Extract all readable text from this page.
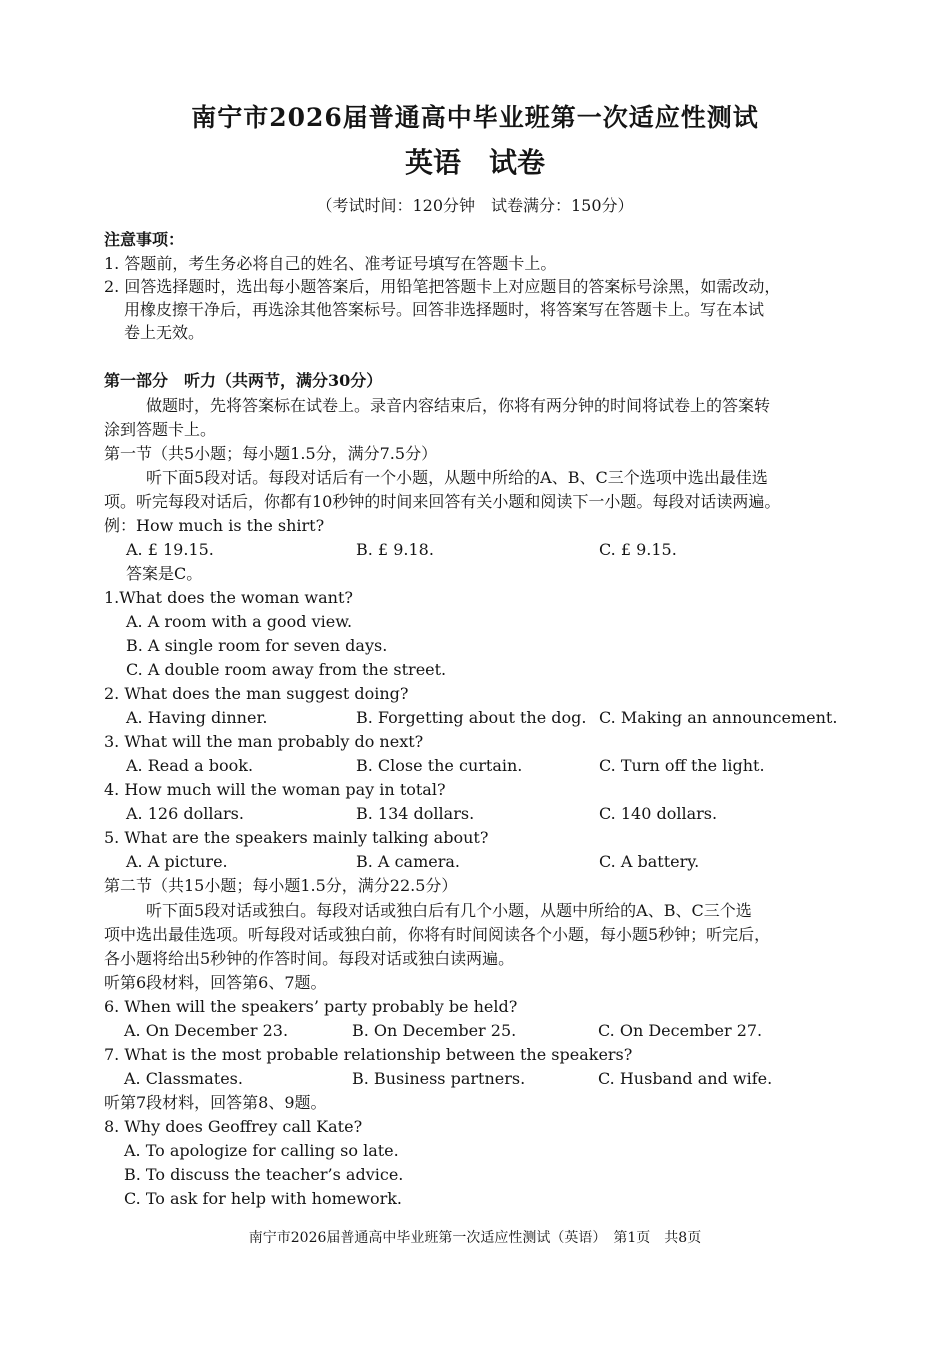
南宁市2026届普通高中毕业班第一次适应性测试
英语　试卷
（考试时间：120分钟　试卷满分：150分）
注意事项：
1. 答题前，考生务必将自己的姓名、准考证号填写在答题卡上。
2. 回答选择题时，选出每小题答案后，用铅笔把答题卡上对应题目的答案标号涂黑，如需改动，
用橡皮擦干净后，再选涂其他答案标号。回答非选择题时，将答案写在答题卡上。写在本试
卷上无效。
第一部分　听力（共两节，满分30分）
做题时，先将答案标在试卷上。录音内容结束后，你将有两分钟的时间将试卷上的答案转
涂到答题卡上。
第一节（共5小题；每小题1.5分，满分7.5分）
听下面5段对话。每段对话后有一个小题，从题中所给的A、B、C三个选项中选出最佳选
项。听完每段对话后，你都有10秒钟的时间来回答有关小题和阅读下一小题。每段对话读两遍。
例：How much is the shirt?
A. £ 19.15.	B. £ 9.18.	C. £ 9.15.
答案是C。
1.What does the woman want?
A. A room with a good view.
B. A single room for seven days.
C. A double room away from the street.
2. What does the man suggest doing?
A. Having dinner.	B. Forgetting about the dog. C. Making an announcement.
3. What will the man probably do next?
A. Read a book.	B. Close the curtain.	C. Turn off the light.
4. How much will the woman pay in total?
A. 126 dollars.	B. 134 dollars.	C. 140 dollars.
5. What are the speakers mainly talking about?
A. A picture.	B. A camera.	C. A battery.
第二节（共15小题；每小题1.5分，满分22.5分）
听下面5段对话或独白。每段对话或独白后有几个小题，从题中所给的A、B、C三个选
项中选出最佳选项。听每段对话或独白前，你将有时间阅读各个小题，每小题5秒钟；听完后，
各小题将给出5秒钟的作答时间。每段对话或独白读两遍。
听第6段材料，回答第6、7题。
6. When will the speakers’ party probably be held?
A. On December 23.	B. On December 25.	C. On December 27.
7. What is the most probable relationship between the speakers?
A. Classmates.	B. Business partners.	C. Husband and wife.
听第7段材料，回答第8、9题。
8. Why does Geoffrey call Kate?
A. To apologize for calling so late.
B. To discuss the teacher’s advice.
C. To ask for help with homework.
南宁市2026届普通高中毕业班第一次适应性测试（英语）　第1页　共8页
